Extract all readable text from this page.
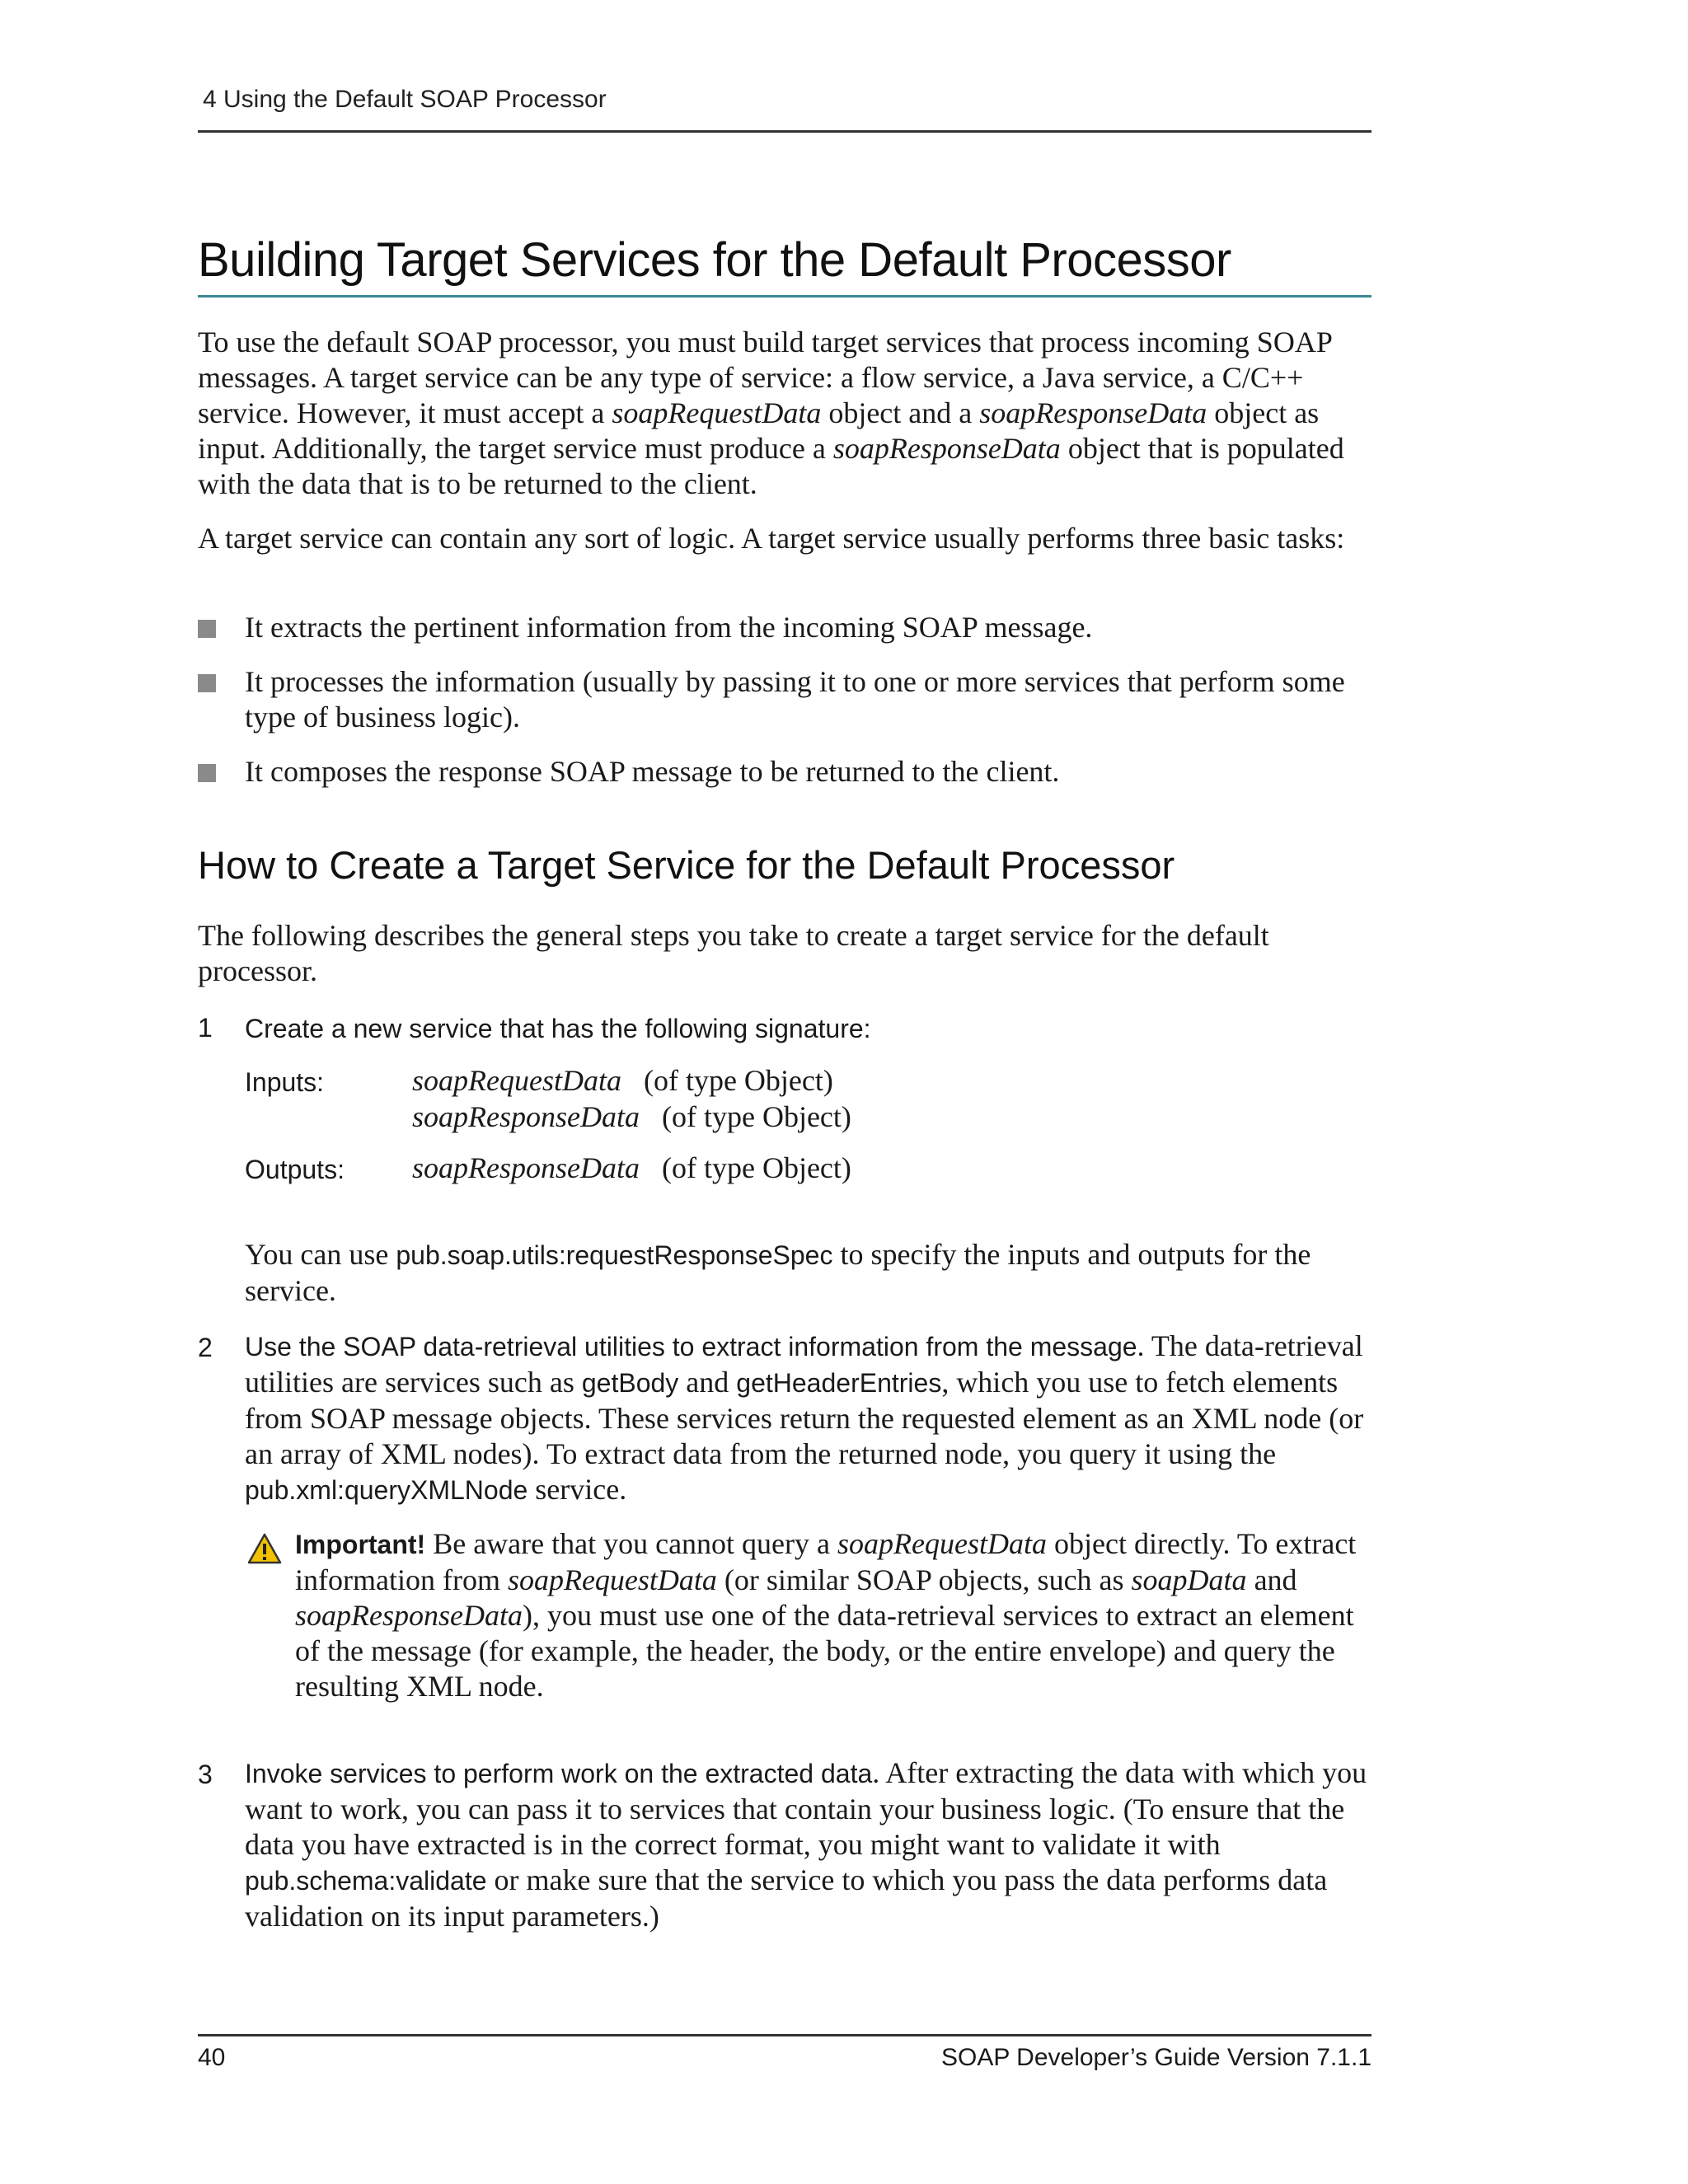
4 Using the Default SOAP Processor
Building Target Services for the Default Processor
To use the default SOAP processor, you must build target services that process incoming SOAP messages. A target service can be any type of service: a flow service, a Java service, a C/C++ service. However, it must accept a soapRequestData object and a soapResponseData object as input. Additionally, the target service must produce a soapResponseData object that is populated with the data that is to be returned to the client.
A target service can contain any sort of logic. A target service usually performs three basic tasks:
It extracts the pertinent information from the incoming SOAP message.
It processes the information (usually by passing it to one or more services that perform some type of business logic).
It composes the response SOAP message to be returned to the client.
How to Create a Target Service for the Default Processor
The following describes the general steps you take to create a target service for the default processor.
1 Create a new service that has the following signature:
Inputs:	soapRequestData (of type Object)
soapResponseData (of type Object)
Outputs: soapResponseData (of type Object)
You can use pub.soap.utils:requestResponseSpec to specify the inputs and outputs for the service.
2 Use the SOAP data-retrieval utilities to extract information from the message. The data-retrieval utilities are services such as getBody and getHeaderEntries, which you use to fetch elements from SOAP message objects. These services return the requested element as an XML node (or an array of XML nodes). To extract data from the returned node, you query it using the pub.xml:queryXMLNode service.
Important! Be aware that you cannot query a soapRequestData object directly. To extract information from soapRequestData (or similar SOAP objects, such as soapData and soapResponseData), you must use one of the data-retrieval services to extract an element of the message (for example, the header, the body, or the entire envelope) and query the resulting XML node.
3 Invoke services to perform work on the extracted data. After extracting the data with which you want to work, you can pass it to services that contain your business logic. (To ensure that the data you have extracted is in the correct format, you might want to validate it with pub.schema:validate or make sure that the service to which you pass the data performs data validation on its input parameters.)
40	SOAP Developer’s Guide Version 7.1.1
